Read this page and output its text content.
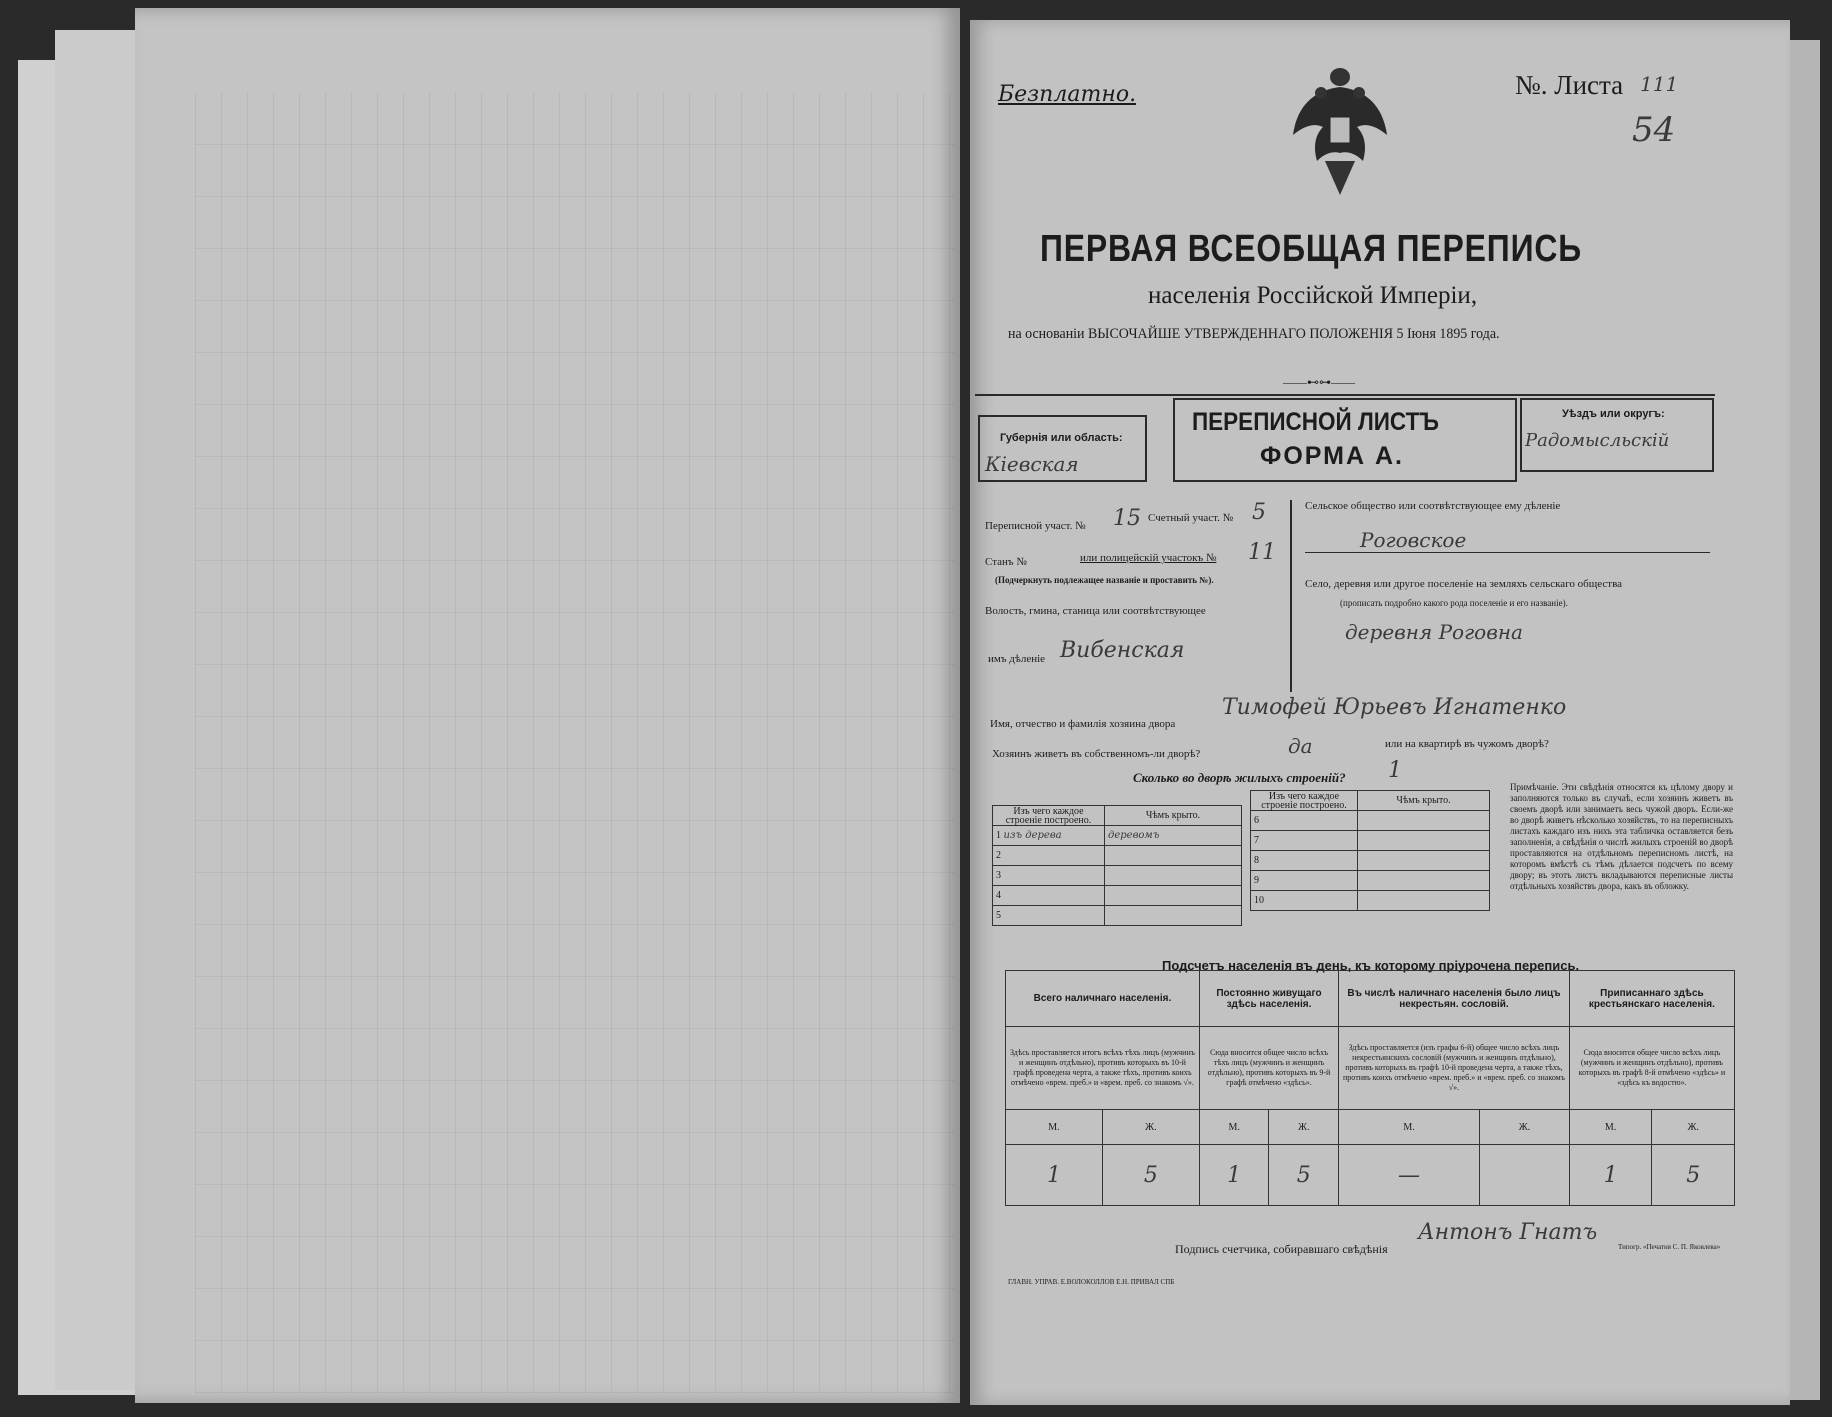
Безплатно.	№. Листа 111
54
ПЕРВАЯ ВСЕОБЩАЯ ПЕРЕПИСЬ
населенія Россійской Имперіи,
на основаніи ВЫСОЧАЙШЕ УТВЕРЖДЕННАГО ПОЛОЖЕНІЯ 5 Іюня 1895 года.
——⊷⊶——
Губернія или область:
Кіевская
ПЕРЕПИСНОЙ ЛИСТЪ
ФОРМА А.
Уѣздъ или округъ:
Радомысльскій
Переписной участ. № 15 Счетный участ. № 5
Станъ №	или полицейскій участокъ № 11
(Подчеркнуть подлежащее названіе и проставить №).
Волость, гмина, станица или соотвѣтствующее
имъ дѣленіе Вибенская
Сельское общество или соотвѣтствующее ему дѣленіе
Роговское
Село, деревня или другое поселеніе на земляхъ сельскаго общества
(прописать подробно какого рода поселеніе и его названіе).
деревня Роговна
Имя, отчество и фамилія хозяина двора
Тимофей Юрьевъ Игнатенко
Хозяинъ живетъ въ собственномъ-ли дворѣ?	да	или на квартирѣ въ чужомъ дворѣ?
Сколько во дворѣ жилыхъ строеній? 1
Изъ чего каждое строеніе построено.	Чѣмъ крыто.
1 изъ дерева	деревомъ
2	
3	
4	
5	
Изъ чего каждое строеніе построено.	Чѣмъ крыто.
6	
7	
8	
9	
10	
Примѣчаніе. Эти свѣдѣнія относятся къ цѣлому двору и заполняются только въ случаѣ, если хозяинъ живетъ въ своемъ дворѣ или занимаетъ весь чужой дворъ. Если-же во дворѣ живетъ нѣсколько хозяйствъ, то на переписныхъ листахъ каждаго изъ нихъ эта табличка оставляется безъ заполненія, а свѣдѣнія о числѣ жилыхъ строеній во дворѣ проставляются на отдѣльномъ переписномъ листѣ, на которомъ вмѣстѣ съ тѣмъ дѣлается подсчетъ по всему двору; въ этотъ листъ вкладываются переписные листы отдѣльныхъ хозяйствъ двора, какъ въ обложку.
Подсчетъ населенія въ день, къ которому пріурочена перепись.
Всего наличнаго населенія.		Постоянно живущаго здѣсь населенія.		Въ числѣ наличнаго населенія было лицъ некрестьян. сословій.		Приписаннаго здѣсь крестьянскаго населенія.	
Здѣсь проставляется итогъ всѣхъ тѣхъ лицъ (мужчинъ и женщинъ отдѣльно), противъ которыхъ въ 10-й графѣ проведена черта, а также тѣхъ, противъ коихъ отмѣчено «врем. преб.» и «врем. преб. со знакомъ √».		Сюда вносится общее число всѣхъ тѣхъ лицъ (мужчинъ и женщинъ отдѣльно), противъ которыхъ въ 9-й графѣ отмѣчено «здѣсь».		Здѣсь проставляется (изъ графы 6-й) общее число всѣхъ лицъ некрестьянскихъ сословій (мужчинъ и женщинъ отдѣльно), противъ которыхъ въ графѣ 10-й проведена черта, а также тѣхъ, противъ коихъ отмѣчено «врем. преб.» и «врем. преб. со знакомъ √».		Сюда вносится общее число всѣхъ лицъ (мужчинъ и женщинъ отдѣльно), противъ которыхъ въ графѣ 8-й отмѣчено «здѣсь» и «здѣсь къ водостю».	
М.	Ж.	М.	Ж.	М.	Ж.	М.	Ж.
1	5	1	5	—		1	5
Подпись счетчика, собиравшаго свѣдѣнія
Антонъ Гнатъ
ГЛАВН. УПРАВ. Е.ВОЛОКОЛЛОВ Е.Н. ПРИВАЛ СПБ
Типогр. «Печатня С. П. Яковлева»
